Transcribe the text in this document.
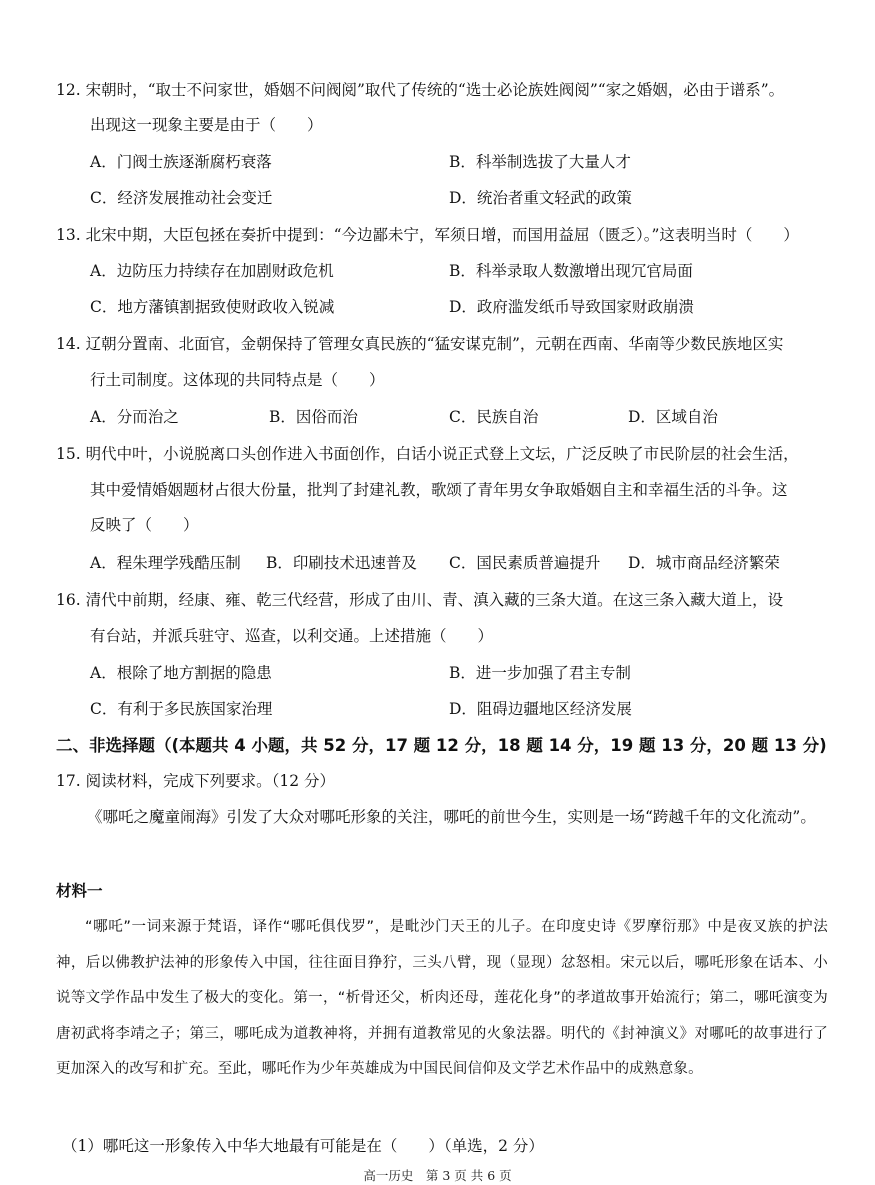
12. 宋朝时，“取士不问家世，婚姻不问阀阅”取代了传统的“选士必论族姓阀阅”“家之婚姻，必由于谱系”。
出现这一现象主要是由于（　　）
A．门阀士族逐渐腐朽衰落	B．科举制选拔了大量人才
C．经济发展推动社会变迁	D．统治者重文轻武的政策
13. 北宋中期，大臣包拯在奏折中提到：“今边鄙未宁，军须日增，而国用益屈（匮乏）。”这表明当时（　　）
A．边防压力持续存在加剧财政危机	B．科举录取人数激增出现冗官局面
C．地方藩镇割据致使财政收入锐减	D．政府滥发纸币导致国家财政崩溃
14. 辽朝分置南、北面官，金朝保持了管理女真民族的“猛安谋克制”，元朝在西南、华南等少数民族地区实
行土司制度。这体现的共同特点是（　　）
A．分而治之	B．因俗而治	C．民族自治	D．区域自治
15. 明代中叶，小说脱离口头创作进入书面创作，白话小说正式登上文坛，广泛反映了市民阶层的社会生活，
其中爱情婚姻题材占很大份量，批判了封建礼教，歌颂了青年男女争取婚姻自主和幸福生活的斗争。这
反映了（　　）
A．程朱理学残酷压制 B．印刷技术迅速普及 C．国民素质普遍提升 D．城市商品经济繁荣
16. 清代中前期，经康、雍、乾三代经营，形成了由川、青、滇入藏的三条大道。在这三条入藏大道上，设
有台站，并派兵驻守、巡查，以利交通。上述措施（　　）
A．根除了地方割据的隐患	B．进一步加强了君主专制
C．有利于多民族国家治理	D．阻碍边疆地区经济发展
二、非选择题（(本题共 4 小题，共 52 分，17 题 12 分，18 题 14 分，19 题 13 分，20 题 13 分)
17. 阅读材料，完成下列要求。（12 分）
《哪吒之魔童闹海》引发了大众对哪吒形象的关注，哪吒的前世今生，实则是一场“跨越千年的文化流动”。
材料一
“哪吒”一词来源于梵语，译作“哪吒俱伐罗”，是毗沙门天王的儿子。在印度史诗《罗摩衍那》中是夜叉族的护法神，后以佛教护法神的形象传入中国，往往面目狰狞，三头八臂，现（显现）忿怒相。宋元以后，哪吒形象在话本、小说等文学作品中发生了极大的变化。第一，“析骨还父，析肉还母，莲花化身”的孝道故事开始流行；第二，哪吒演变为唐初武将李靖之子；第三，哪吒成为道教神将，并拥有道教常见的火象法器。明代的《封神演义》对哪吒的故事进行了更加深入的改写和扩充。至此，哪吒作为少年英雄成为中国民间信仰及文学艺术作品中的成熟意象。
（1）哪吒这一形象传入中华大地最有可能是在（　　）（单选，2 分）
高一历史　第 3 页 共 6 页
